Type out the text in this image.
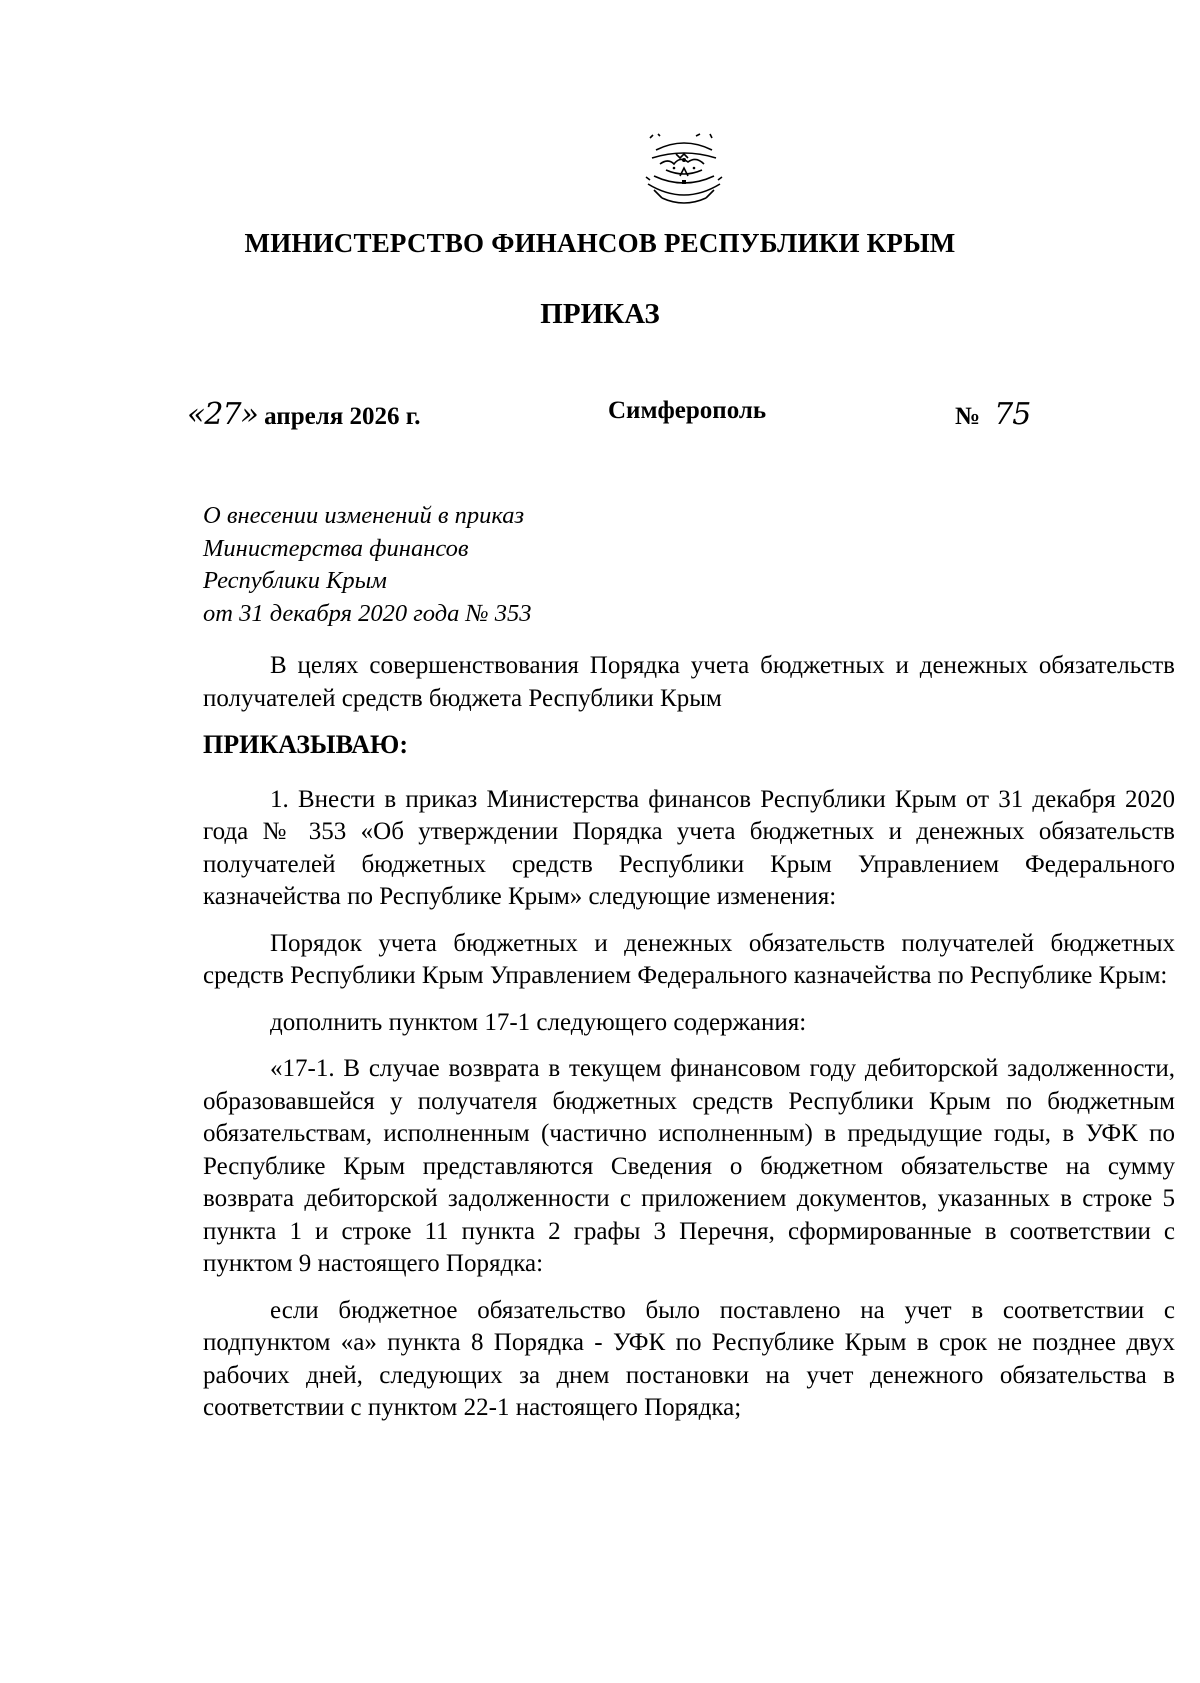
МИНИСТЕРСТВО ФИНАНСОВ РЕСПУБЛИКИ КРЫМ
ПРИКАЗ
«27» апреля 2026 г.	Симферополь	№ 75
О внесении изменений в приказ
Министерства финансов
Республики Крым
от 31 декабря 2020 года № 353

В целях совершенствования Порядка учета бюджетных и денежных обязательств получателей средств бюджета Республики Крым

ПРИКАЗЫВАЮ:

1. Внести в приказ Министерства финансов Республики Крым от 31 декабря 2020 года № 353 «Об утверждении Порядка учета бюджетных и денежных обязательств получателей бюджетных средств Республики Крым Управлением Федерального казначейства по Республике Крым» следующие изменения:

Порядок учета бюджетных и денежных обязательств получателей бюджетных средств Республики Крым Управлением Федерального казначейства по Республике Крым:

дополнить пунктом 17-1 следующего содержания:

«17-1. В случае возврата в текущем финансовом году дебиторской задолженности, образовавшейся у получателя бюджетных средств Республики Крым по бюджетным обязательствам, исполненным (частично исполненным) в предыдущие годы, в УФК по Республике Крым представляются Сведения о бюджетном обязательстве на сумму возврата дебиторской задолженности с приложением документов, указанных в строке 5 пункта 1 и строке 11 пункта 2 графы 3 Перечня, сформированные в соответствии с пунктом 9 настоящего Порядка:

если бюджетное обязательство было поставлено на учет в соответствии с подпунктом «а» пункта 8 Порядка - УФК по Республике Крым в срок не позднее двух рабочих дней, следующих за днем постановки на учет денежного обязательства в соответствии с пунктом 22-1 настоящего Порядка;
